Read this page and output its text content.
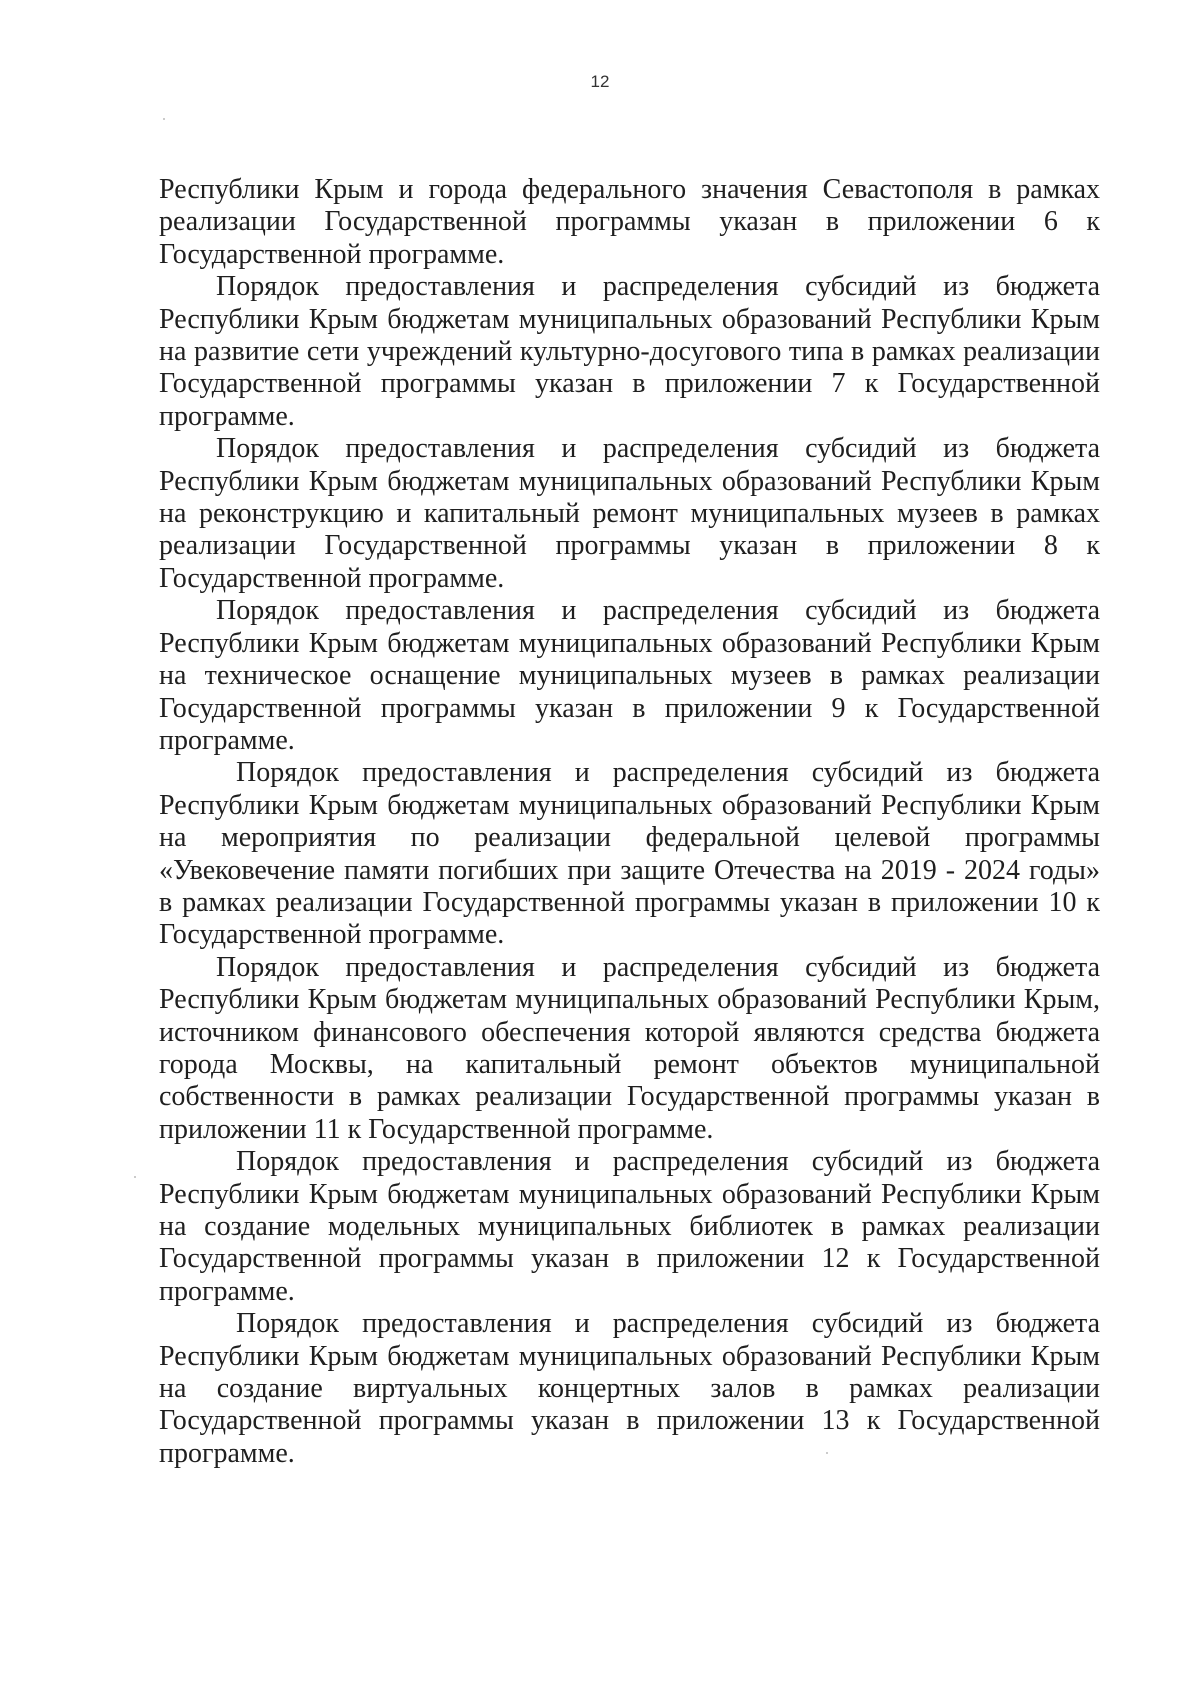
12

Республики Крым и города федерального значения Севастополя в рамках реализации Государственной программы указан в приложении 6 к Государственной программе.

Порядок предоставления и распределения субсидий из бюджета Республики Крым бюджетам муниципальных образований Республики Крым на развитие сети учреждений культурно-досугового типа в рамках реализации Государственной программы указан в приложении 7 к Государственной программе.

Порядок предоставления и распределения субсидий из бюджета Республики Крым бюджетам муниципальных образований Республики Крым на реконструкцию и капитальный ремонт муниципальных музеев в рамках реализации Государственной программы указан в приложении 8 к Государственной программе.

Порядок предоставления и распределения субсидий из бюджета Республики Крым бюджетам муниципальных образований Республики Крым на техническое оснащение муниципальных музеев в рамках реализации Государственной программы указан в приложении 9 к Государственной программе.

Порядок предоставления и распределения субсидий из бюджета Республики Крым бюджетам муниципальных образований Республики Крым на мероприятия по реализации федеральной целевой программы «Увековечение памяти погибших при защите Отечества на 2019 - 2024 годы» в рамках реализации Государственной программы указан в приложении 10 к Государственной программе.

Порядок предоставления и распределения субсидий из бюджета Республики Крым бюджетам муниципальных образований Республики Крым, источником финансового обеспечения которой являются средства бюджета города Москвы, на капитальный ремонт объектов муниципальной собственности в рамках реализации Государственной программы указан в приложении 11 к Государственной программе.

Порядок предоставления и распределения субсидий из бюджета Республики Крым бюджетам муниципальных образований Республики Крым на создание модельных муниципальных библиотек в рамках реализации Государственной программы указан в приложении 12 к Государственной программе.

Порядок предоставления и распределения субсидий из бюджета Республики Крым бюджетам муниципальных образований Республики Крым на создание виртуальных концертных залов в рамках реализации Государственной программы указан в приложении 13 к Государственной программе.
